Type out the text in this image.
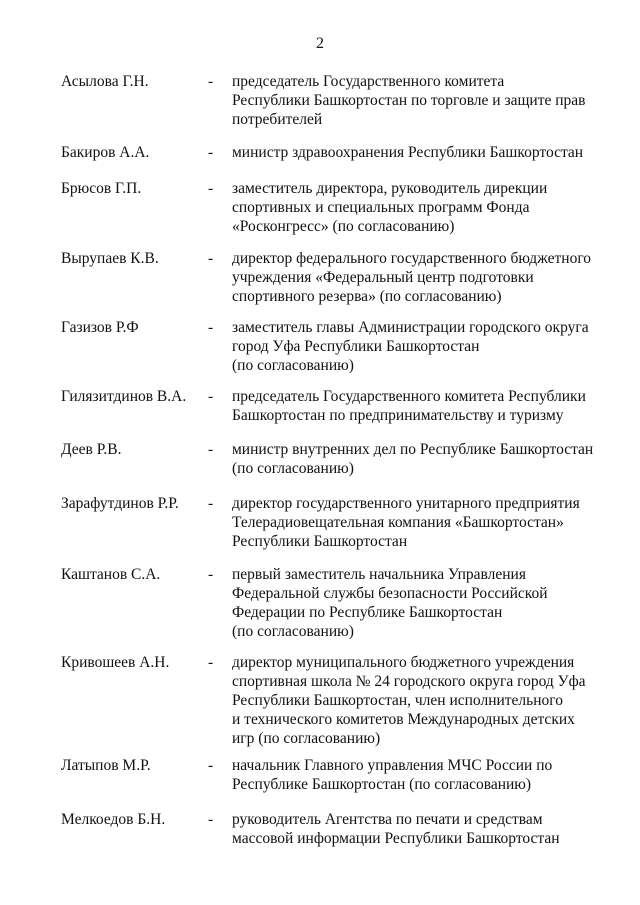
2
Асылова Г.Н.	- председатель Государственного комитета
Республики Башкортостан по торговле и защите прав
потребителей
Бакиров А.А.	- министр здравоохранения Республики Башкортостан
Брюсов Г.П.	- заместитель директора, руководитель дирекции
спортивных и специальных программ Фонда
«Росконгресс» (по согласованию)
Вырупаев К.В.	- директор федерального государственного бюджетного
учреждения «Федеральный центр подготовки
спортивного резерва» (по согласованию)
Газизов Р.Ф	- заместитель главы Администрации городского округа
город Уфа Республики Башкортостан
(по согласованию)
Гилязитдинов В.А. - председатель Государственного комитета Республики
Башкортостан по предпринимательству и туризму
Деев Р.В.	- министр внутренних дел по Республике Башкортостан
(по согласованию)
Зарафутдинов Р.Р. - директор государственного унитарного предприятия
Телерадиовещательная компания «Башкортостан»
Республики Башкортостан
Каштанов С.А.	- первый заместитель начальника Управления
Федеральной службы безопасности Российской
Федерации по Республике Башкортостан
(по согласованию)
Кривошеев А.Н. - директор муниципального бюджетного учреждения
спортивная школа № 24 городского округа город Уфа
Республики Башкортостан, член исполнительного
и технического комитетов Международных детских
игр (по согласованию)
Латыпов М.Р.	- начальник Главного управления МЧС России по
Республике Башкортостан (по согласованию)
Мелкоедов Б.Н.	- руководитель Агентства по печати и средствам
массовой информации Республики Башкортостан
